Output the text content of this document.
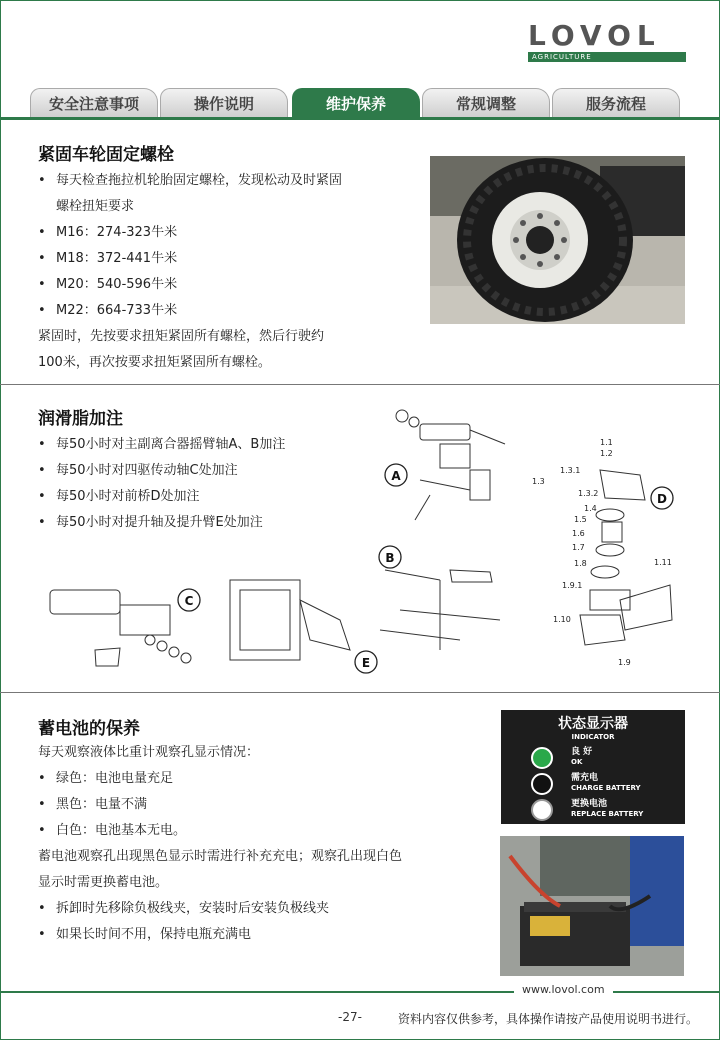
LOVOL
AGRICULTURE
安全注意事项	操作说明	维护保养	常规调整	服务流程
紧固车轮固定螺栓
• 每天检查拖拉机轮胎固定螺栓，发现松动及时紧固
螺栓扭矩要求
• M16：274-323牛米
• M18：372-441牛米
• M20：540-596牛米
• M22：664-733牛米
紧固时，先按要求扭矩紧固所有螺栓，然后行驶约
100米，再次按要求扭矩紧固所有螺栓。
润滑脂加注
• 每50小时对主副离合器摇臂轴A、B加注
• 每50小时对四驱传动轴C处加注
• 每50小时对前桥D处加注
• 每50小时对提升轴及提升臂E处加注
1.1
1.2
1.3.1
1.3
1.3.2
1.4
1.5
1.6
1.7
1.8
1.9.1
1.10
1.9
1.11
A
B
C
D
E
蓄电池的保养
每天观察液体比重计观察孔显示情况：
• 绿色：电池电量充足
• 黑色：电量不满
• 白色：电池基本无电。
蓄电池观察孔出现黑色显示时需进行补充充电；观察孔出现白色
显示时需更换蓄电池。
• 拆卸时先移除负极线夹，安装时后安装负极线夹
• 如果长时间不用，保持电瓶充满电
状态显示器
INDICATOR
良 好
OK
需充电
CHARGE BATTERY
更换电池
REPLACE BATTERY
www.lovol.com
-27-	资料内容仅供参考，具体操作请按产品使用说明书进行。
